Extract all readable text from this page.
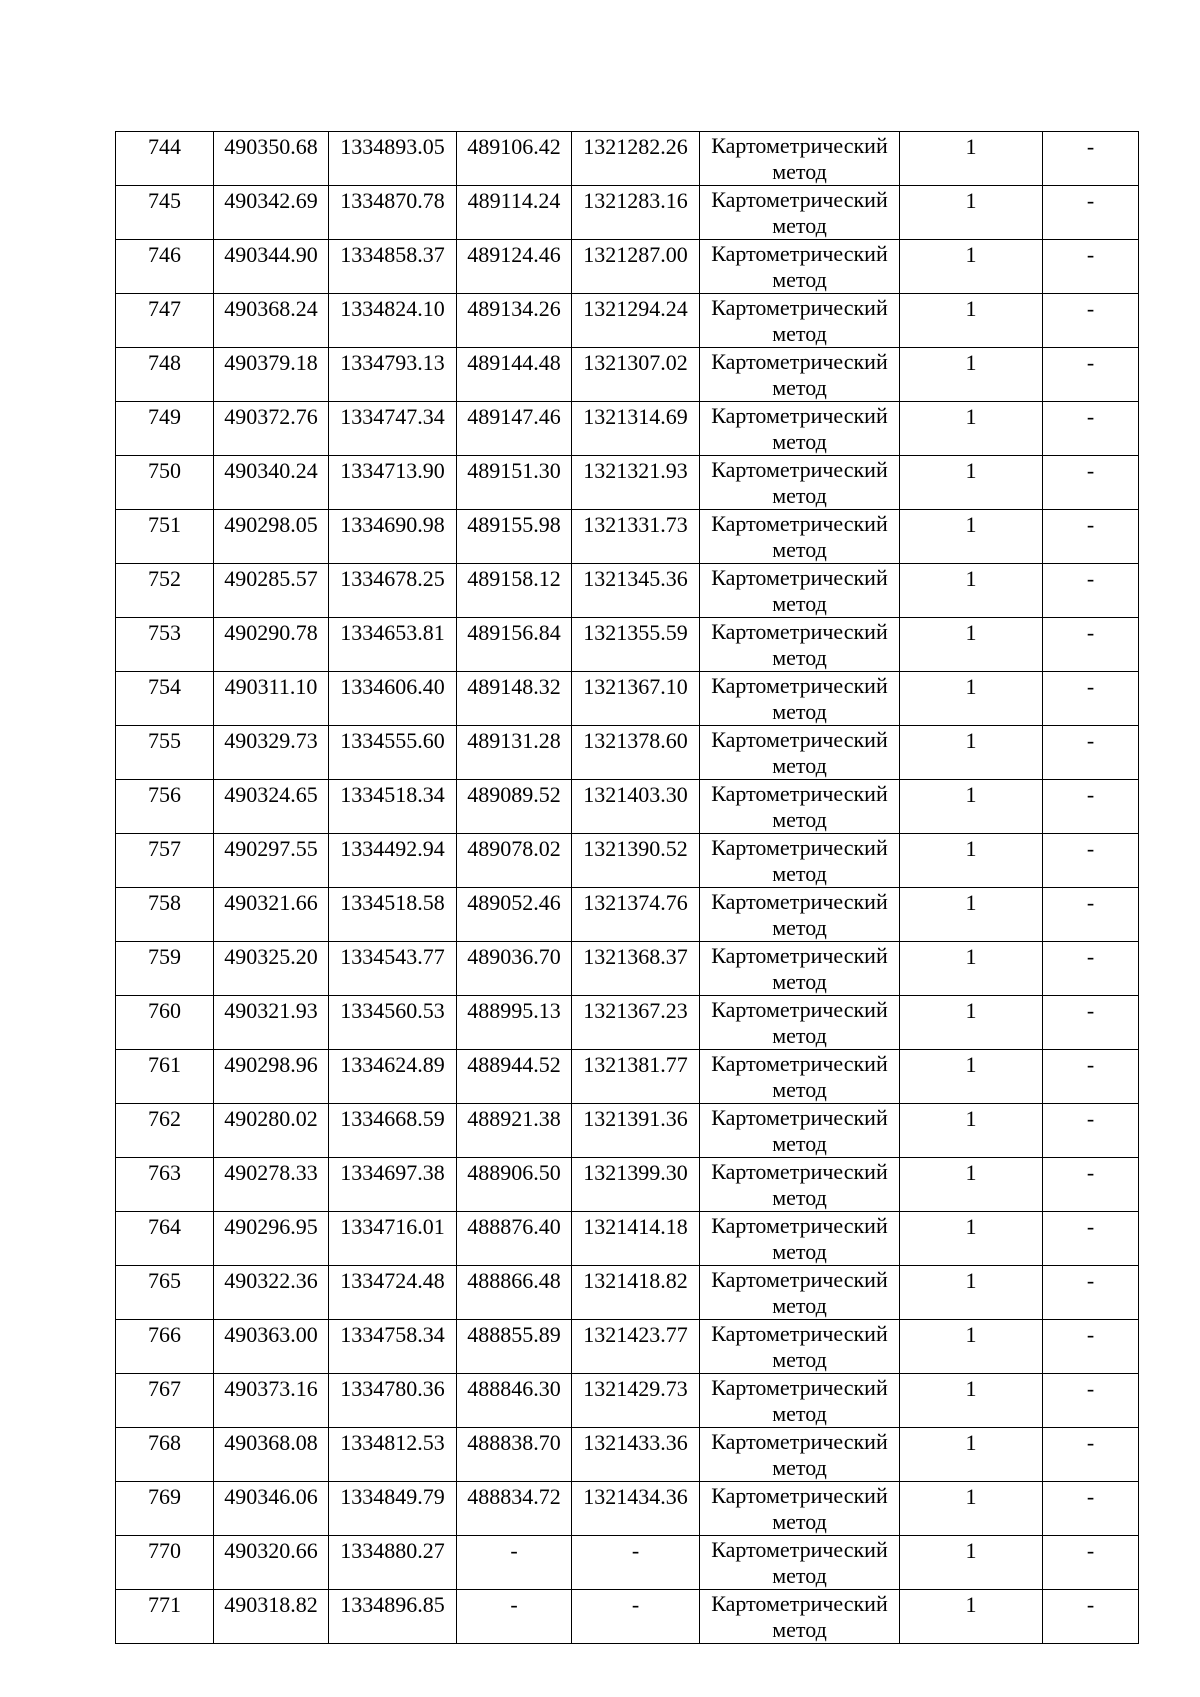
744	490350.68	1334893.05	489106.42	1321282.26	Картометрический
метод	1	-

745	490342.69	1334870.78	489114.24	1321283.16	Картометрический
метод	1	-

746	490344.90	1334858.37	489124.46	1321287.00	Картометрический
метод	1	-

747	490368.24	1334824.10	489134.26	1321294.24	Картометрический
метод	1	-

748	490379.18	1334793.13	489144.48	1321307.02	Картометрический
метод	1	-

749	490372.76	1334747.34	489147.46	1321314.69	Картометрический
метод	1	-

750	490340.24	1334713.90	489151.30	1321321.93	Картометрический
метод	1	-

751	490298.05	1334690.98	489155.98	1321331.73	Картометрический
метод	1	-

752	490285.57	1334678.25	489158.12	1321345.36	Картометрический
метод	1	-

753	490290.78	1334653.81	489156.84	1321355.59	Картометрический
метод	1	-

754	490311.10	1334606.40	489148.32	1321367.10	Картометрический
метод	1	-

755	490329.73	1334555.60	489131.28	1321378.60	Картометрический
метод	1	-

756	490324.65	1334518.34	489089.52	1321403.30	Картометрический
метод	1	-

757	490297.55	1334492.94	489078.02	1321390.52	Картометрический
метод	1	-

758	490321.66	1334518.58	489052.46	1321374.76	Картометрический
метод	1	-

759	490325.20	1334543.77	489036.70	1321368.37	Картометрический
метод	1	-

760	490321.93	1334560.53	488995.13	1321367.23	Картометрический
метод	1	-

761	490298.96	1334624.89	488944.52	1321381.77	Картометрический
метод	1	-

762	490280.02	1334668.59	488921.38	1321391.36	Картометрический
метод	1	-

763	490278.33	1334697.38	488906.50	1321399.30	Картометрический
метод	1	-

764	490296.95	1334716.01	488876.40	1321414.18	Картометрический
метод	1	-

765	490322.36	1334724.48	488866.48	1321418.82	Картометрический
метод	1	-

766	490363.00	1334758.34	488855.89	1321423.77	Картометрический
метод	1	-

767	490373.16	1334780.36	488846.30	1321429.73	Картометрический
метод	1	-

768	490368.08	1334812.53	488838.70	1321433.36	Картометрический
метод	1	-

769	490346.06	1334849.79	488834.72	1321434.36	Картометрический
метод	1	-

770	490320.66	1334880.27	-	-	Картометрический
метод	1	-

771	490318.82	1334896.85	-	-	Картометрический
метод	1	-
